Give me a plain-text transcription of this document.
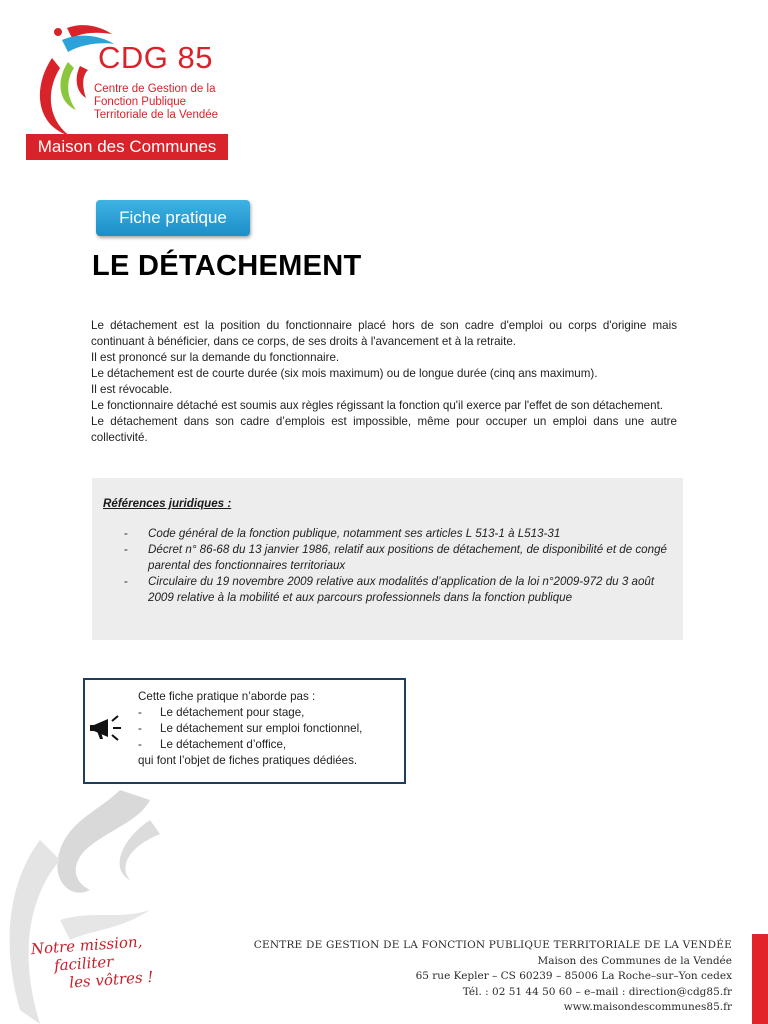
CDG 85
Centre de Gestion de la
Fonction Publique
Territoriale de la Vendée
Maison des Communes
Fiche pratique
LE DÉTACHEMENT

Le détachement est la position du fonctionnaire placé hors de son cadre d'emploi ou corps d'origine mais continuant à bénéficier, dans ce corps, de ses droits à l'avancement et à la retraite.

Il est prononcé sur la demande du fonctionnaire.

Le détachement est de courte durée (six mois maximum) ou de longue durée (cinq ans maximum).

Il est révocable.

Le fonctionnaire détaché est soumis aux règles régissant la fonction qu'il exerce par l'effet de son détachement.

Le détachement dans son cadre d’emplois est impossible, même pour occuper un emploi dans une autre collectivité.

Références juridiques :
- Code général de la fonction publique, notamment ses articles L 513-1 à L513-31
- Décret n° 86-68 du 13 janvier 1986, relatif aux positions de détachement, de disponibilité et de congé parental des fonctionnaires territoriaux
- Circulaire du 19 novembre 2009 relative aux modalités d’application de la loi n°2009-972 du 3 août 2009 relative à la mobilité et aux parcours professionnels dans la fonction publique
Cette fiche pratique n’aborde pas :
- Le détachement pour stage,
- Le détachement sur emploi fonctionnel,
- Le détachement d’office,
qui font l’objet de fiches pratiques dédiées.
Notre mission,
faciliter
les vôtres !
CENTRE DE GESTION DE LA FONCTION PUBLIQUE TERRITORIALE DE LA VENDÉE
Maison des Communes de la Vendée
65 rue Kepler – CS 60239 – 85006 La Roche–sur–Yon cedex
Tél. : 02 51 44 50 60 – e–mail : direction@cdg85.fr
www.maisondescommunes85.fr
